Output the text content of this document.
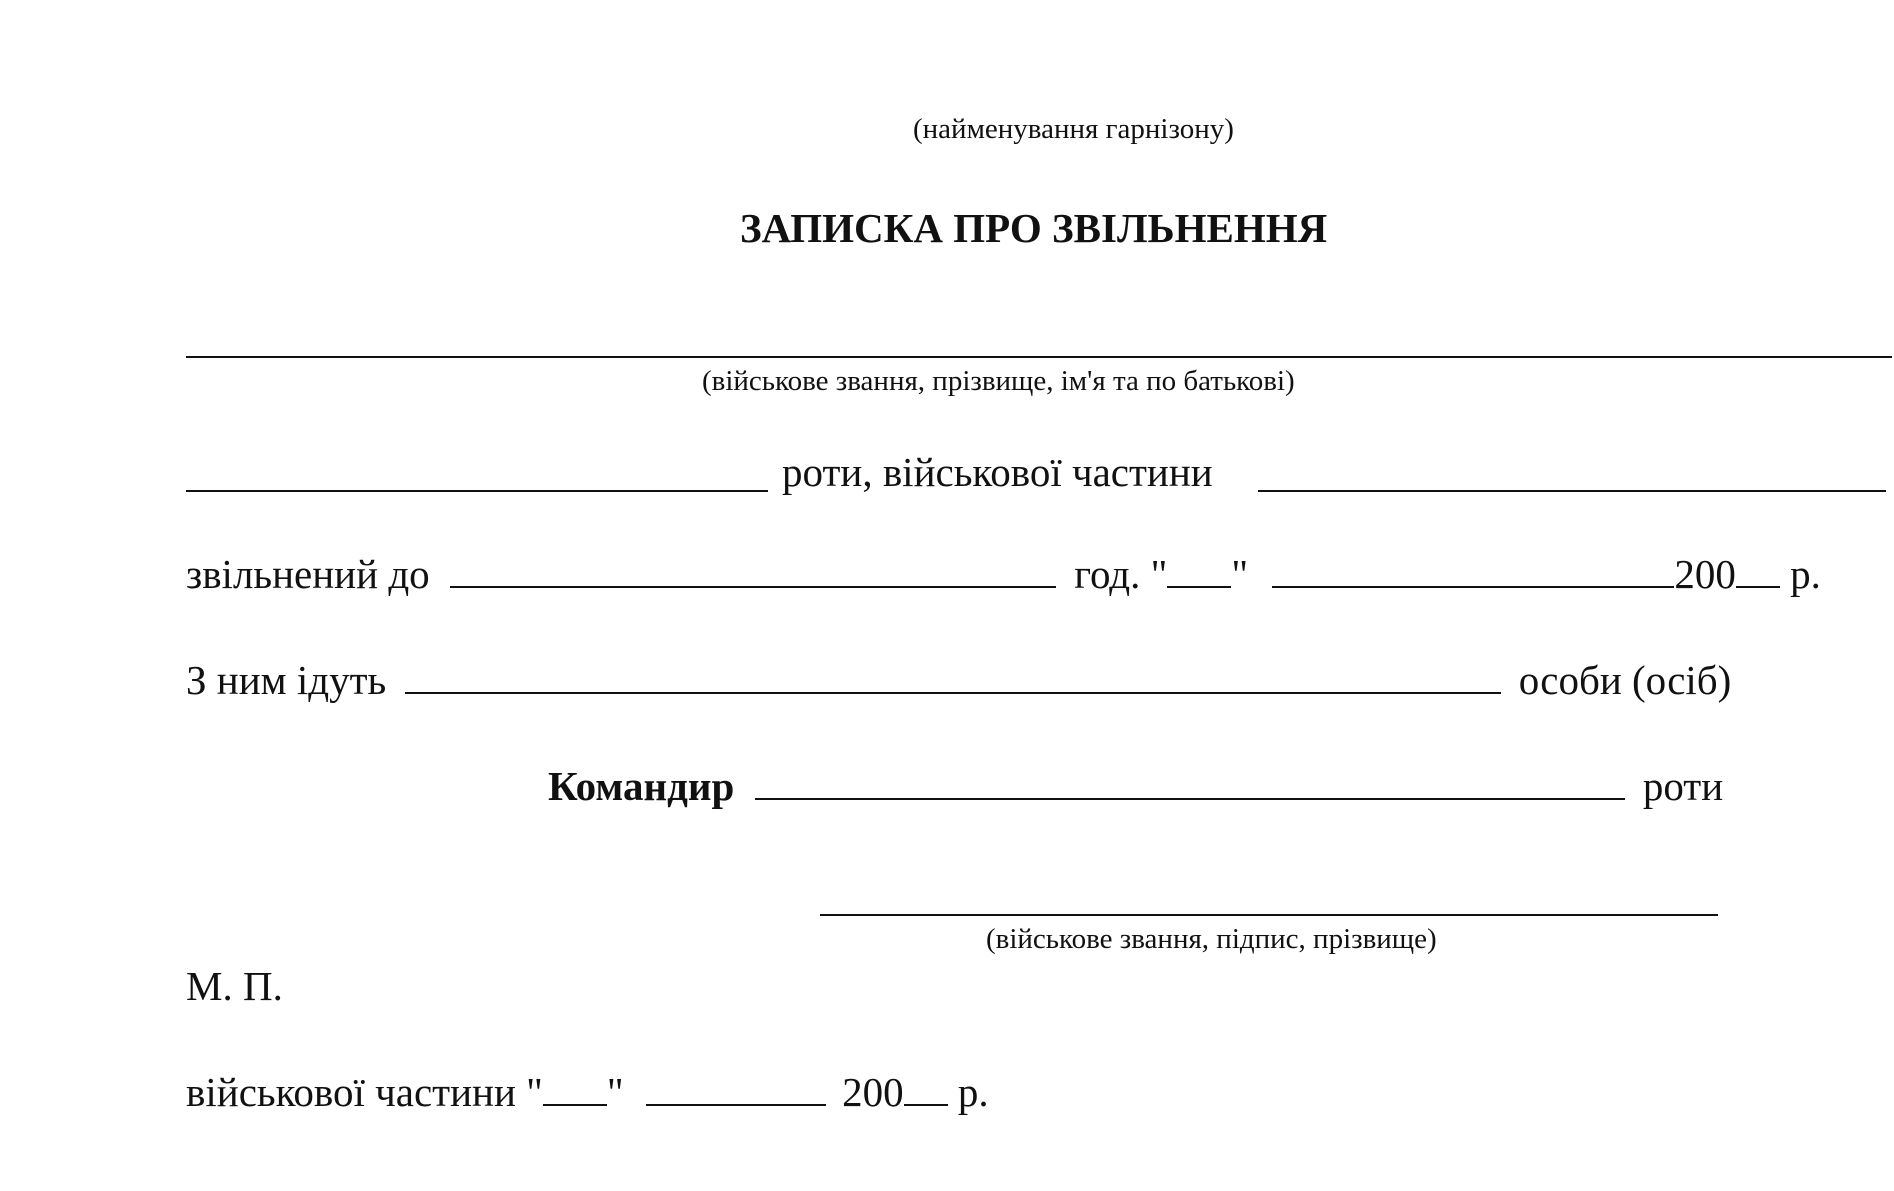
(найменування гарнізону)
ЗАПИСКА ПРО ЗВІЛЬНЕННЯ
(військове звання, прізвище, ім'я та по батькові)
роти, військової частини
звільнений до	год. " "	200 р.
З ним ідуть	особи (осіб)
Командир	роти
(військове звання, підпис, прізвище)
М. П.
військової частини " "	200 р.
